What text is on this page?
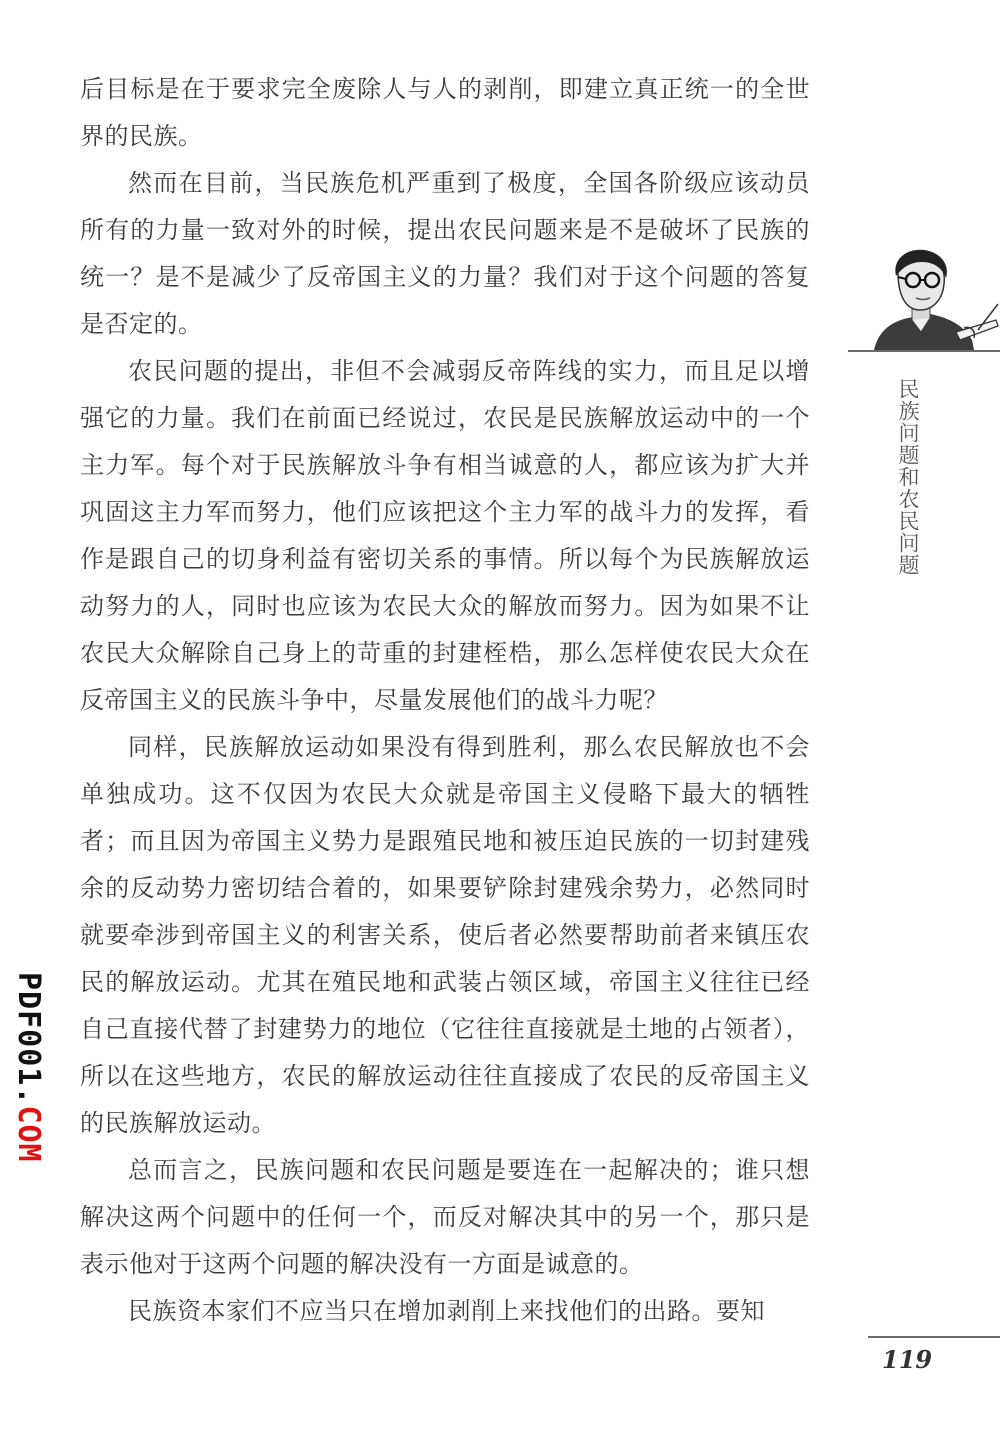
后目标是在于要求完全废除人与人的剥削，即建立真正统一的全世界的民族。

然而在目前，当民族危机严重到了极度，全国各阶级应该动员所有的力量一致对外的时候，提出农民问题来是不是破坏了民族的统一？是不是减少了反帝国主义的力量？我们对于这个问题的答复是否定的。

农民问题的提出，非但不会减弱反帝阵线的实力，而且足以增强它的力量。我们在前面已经说过，农民是民族解放运动中的一个主力军。每个对于民族解放斗争有相当诚意的人，都应该为扩大并巩固这主力军而努力，他们应该把这个主力军的战斗力的发挥，看作是跟自己的切身利益有密切关系的事情。所以每个为民族解放运动努力的人，同时也应该为农民大众的解放而努力。因为如果不让农民大众解除自己身上的苛重的封建桎梏，那么怎样使农民大众在反帝国主义的民族斗争中，尽量发展他们的战斗力呢？

同样，民族解放运动如果没有得到胜利，那么农民解放也不会单独成功。这不仅因为农民大众就是帝国主义侵略下最大的牺牲者；而且因为帝国主义势力是跟殖民地和被压迫民族的一切封建残余的反动势力密切结合着的，如果要铲除封建残余势力，必然同时就要牵涉到帝国主义的利害关系，使后者必然要帮助前者来镇压农民的解放运动。尤其在殖民地和武装占领区域，帝国主义往往已经自己直接代替了封建势力的地位（它往往直接就是土地的占领者），所以在这些地方，农民的解放运动往往直接成了农民的反帝国主义的民族解放运动。

总而言之，民族问题和农民问题是要连在一起解决的；谁只想解决这两个问题中的任何一个，而反对解决其中的另一个，那只是表示他对于这两个问题的解决没有一方面是诚意的。

民族资本家们不应当只在增加剥削上来找他们的出路。要知

民族问题和农民问题
119
PDF001.COM
